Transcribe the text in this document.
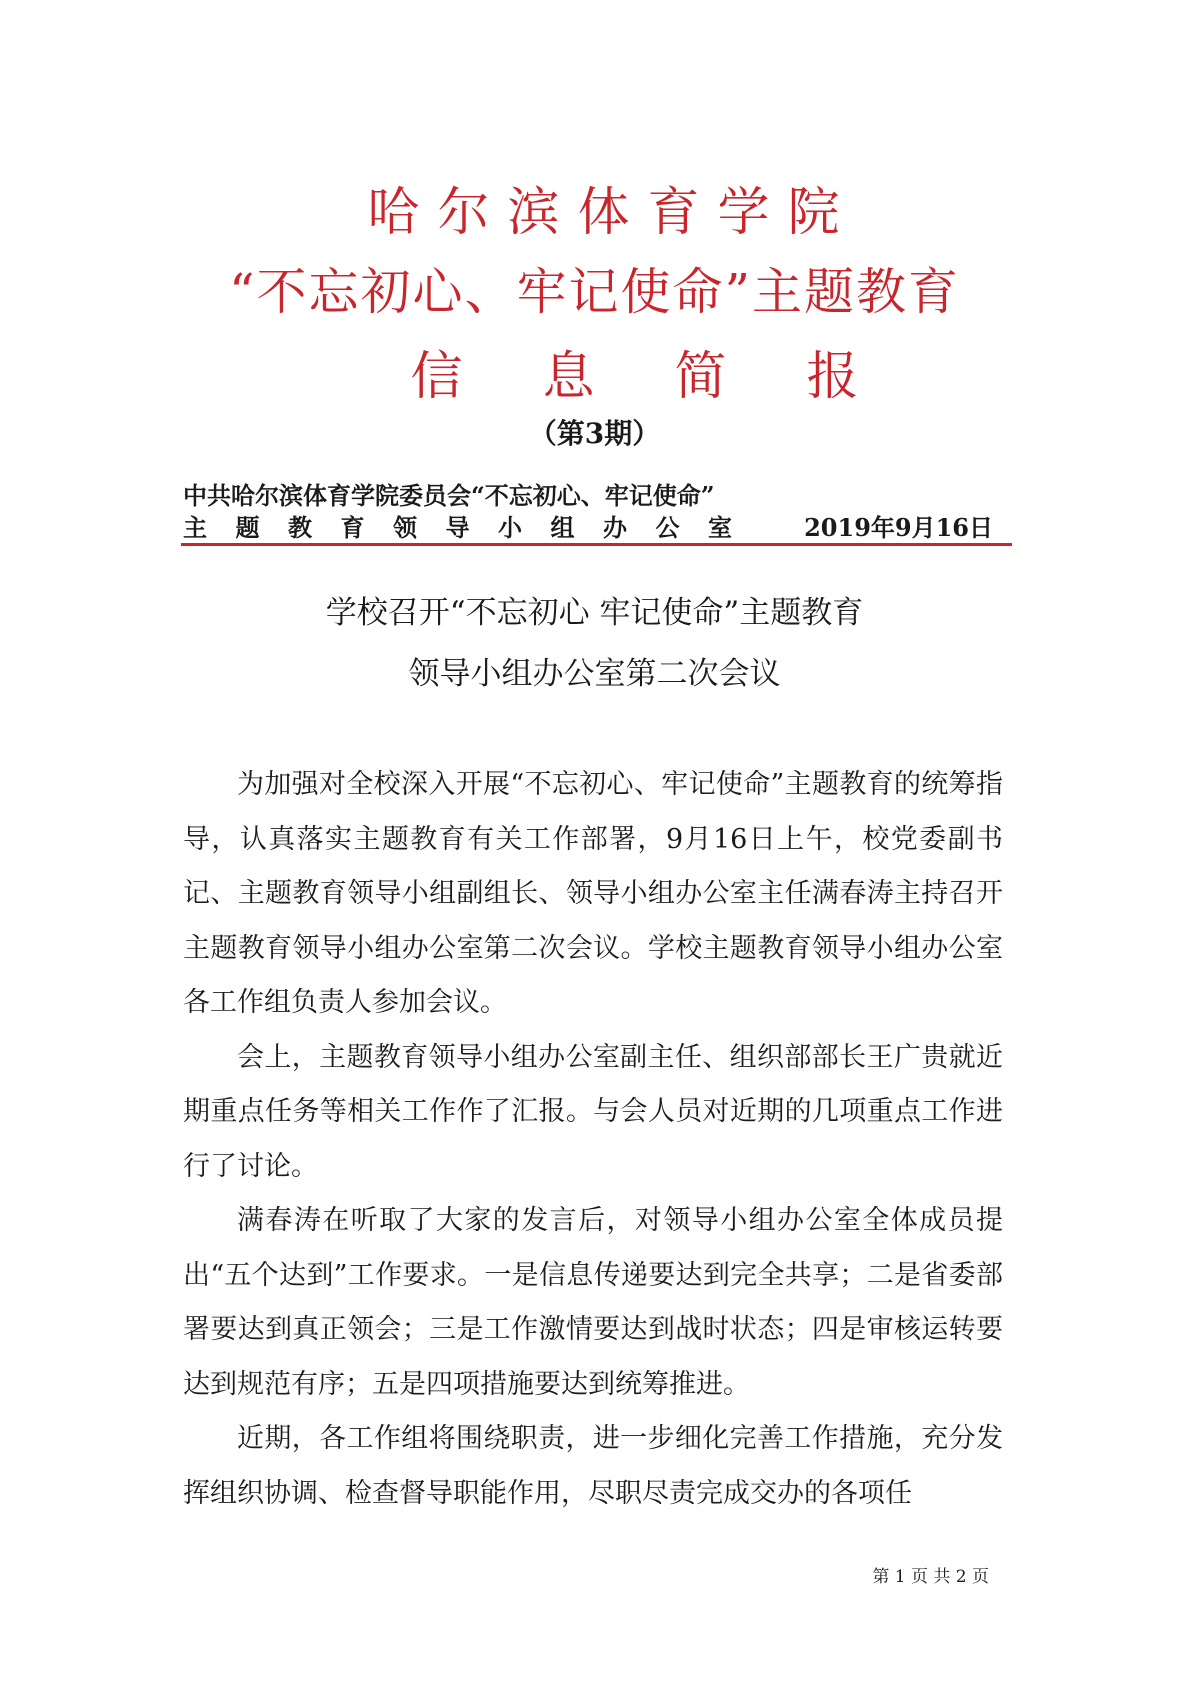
哈尔滨体育学院
“不忘初心、牢记使命”主题教育
信息简报
（第3期）
中共哈尔滨体育学院委员会“不忘初心、牢记使命”
主题教育领导小组办公室 2019年9月16日
学校召开“不忘初心 牢记使命”主题教育
领导小组办公室第二次会议

为加强对全校深入开展“不忘初心、牢记使命”主题教育的统筹指导，认真落实主题教育有关工作部署，9月16日上午，校党委副书记、主题教育领导小组副组长、领导小组办公室主任满春涛主持召开主题教育领导小组办公室第二次会议。学校主题教育领导小组办公室各工作组负责人参加会议。

会上，主题教育领导小组办公室副主任、组织部部长王广贵就近期重点任务等相关工作作了汇报。与会人员对近期的几项重点工作进行了讨论。

满春涛在听取了大家的发言后，对领导小组办公室全体成员提出“五个达到”工作要求。一是信息传递要达到完全共享；二是省委部署要达到真正领会；三是工作激情要达到战时状态；四是审核运转要达到规范有序；五是四项措施要达到统筹推进。

近期，各工作组将围绕职责，进一步细化完善工作措施，充分发挥组织协调、检查督导职能作用，尽职尽责完成交办的各项任

第 1 页 共 2 页
